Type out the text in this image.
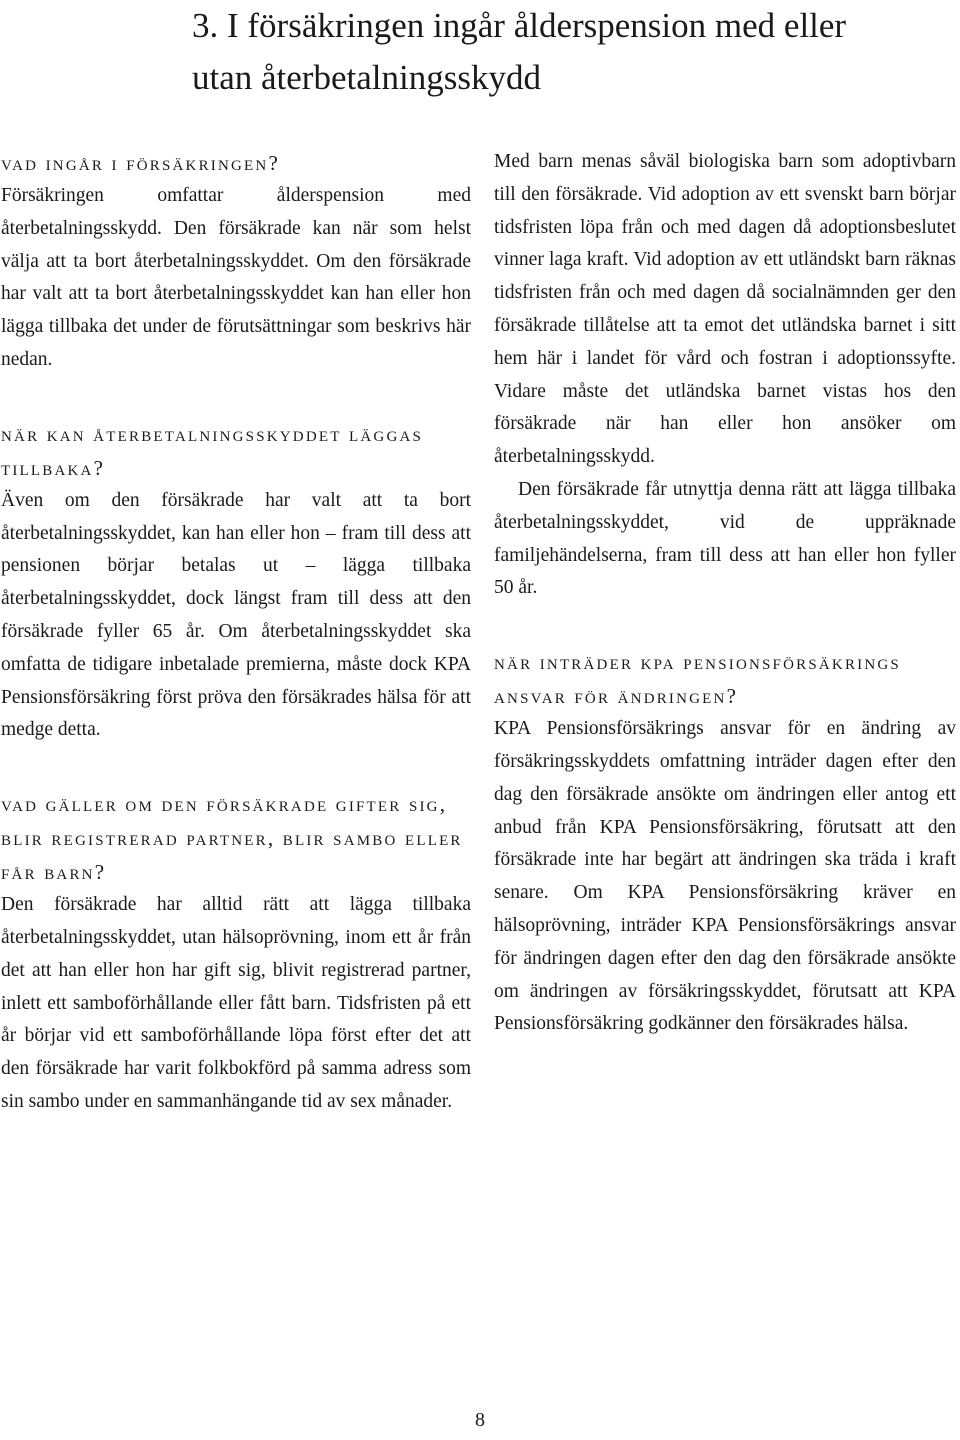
3. I försäkringen ingår ålderspension med eller utan återbetalningsskydd
vad ingår i försäkringen?

Försäkringen omfattar ålderspension med återbetalningsskydd. Den försäkrade kan när som helst välja att ta bort återbetalningsskyddet. Om den försäkrade har valt att ta bort återbetalningsskyddet kan han eller hon lägga tillbaka det under de förutsättningar som beskrivs här nedan.

när kan återbetalningsskyddet läggas tillbaka?

Även om den försäkrade har valt att ta bort återbetalningsskyddet, kan han eller hon – fram till dess att pensionen börjar betalas ut – lägga tillbaka återbetalningsskyddet, dock längst fram till dess att den försäkrade fyller 65 år. Om återbetalningsskyddet ska omfatta de tidigare inbetalade premierna, måste dock KPA Pensionsförsäkring först pröva den försäkrades hälsa för att medge detta.

vad gäller om den försäkrade gifter sig, blir registrerad partner, blir sambo eller får barn?

Den försäkrade har alltid rätt att lägga tillbaka återbetalningsskyddet, utan hälsoprövning, inom ett år från det att han eller hon har gift sig, blivit registrerad partner, inlett ett samboförhållande eller fått barn. Tidsfristen på ett år börjar vid ett samboförhållande löpa först efter det att den försäkrade har varit folkbokförd på samma adress som sin sambo under en sammanhängande tid av sex månader.

Med barn menas såväl biologiska barn som adoptivbarn till den försäkrade. Vid adoption av ett svenskt barn börjar tidsfristen löpa från och med dagen då adoptionsbeslutet vinner laga kraft. Vid adoption av ett utländskt barn räknas tidsfristen från och med dagen då socialnämnden ger den försäkrade tillåtelse att ta emot det utländska barnet i sitt hem här i landet för vård och fostran i adoptionssyfte. Vidare måste det utländska barnet vistas hos den försäkrade när han eller hon ansöker om återbetalningsskydd.

Den försäkrade får utnyttja denna rätt att lägga tillbaka återbetalningsskyddet, vid de uppräknade familjehändelserna, fram till dess att han eller hon fyller 50 år.

när inträder kpa pensionsförsäkrings ansvar för ändringen?

KPA Pensionsförsäkrings ansvar för en ändring av försäkringsskyddets omfattning inträder dagen efter den dag den försäkrade ansökte om ändringen eller antog ett anbud från KPA Pensionsförsäkring, förutsatt att den försäkrade inte har begärt att ändringen ska träda i kraft senare. Om KPA Pensionsförsäkring kräver en hälsoprövning, inträder KPA Pensionsförsäkrings ansvar för ändringen dagen efter den dag den försäkrade ansökte om ändringen av försäkringsskyddet, förutsatt att KPA Pensionsförsäkring godkänner den försäkrades hälsa.

8
